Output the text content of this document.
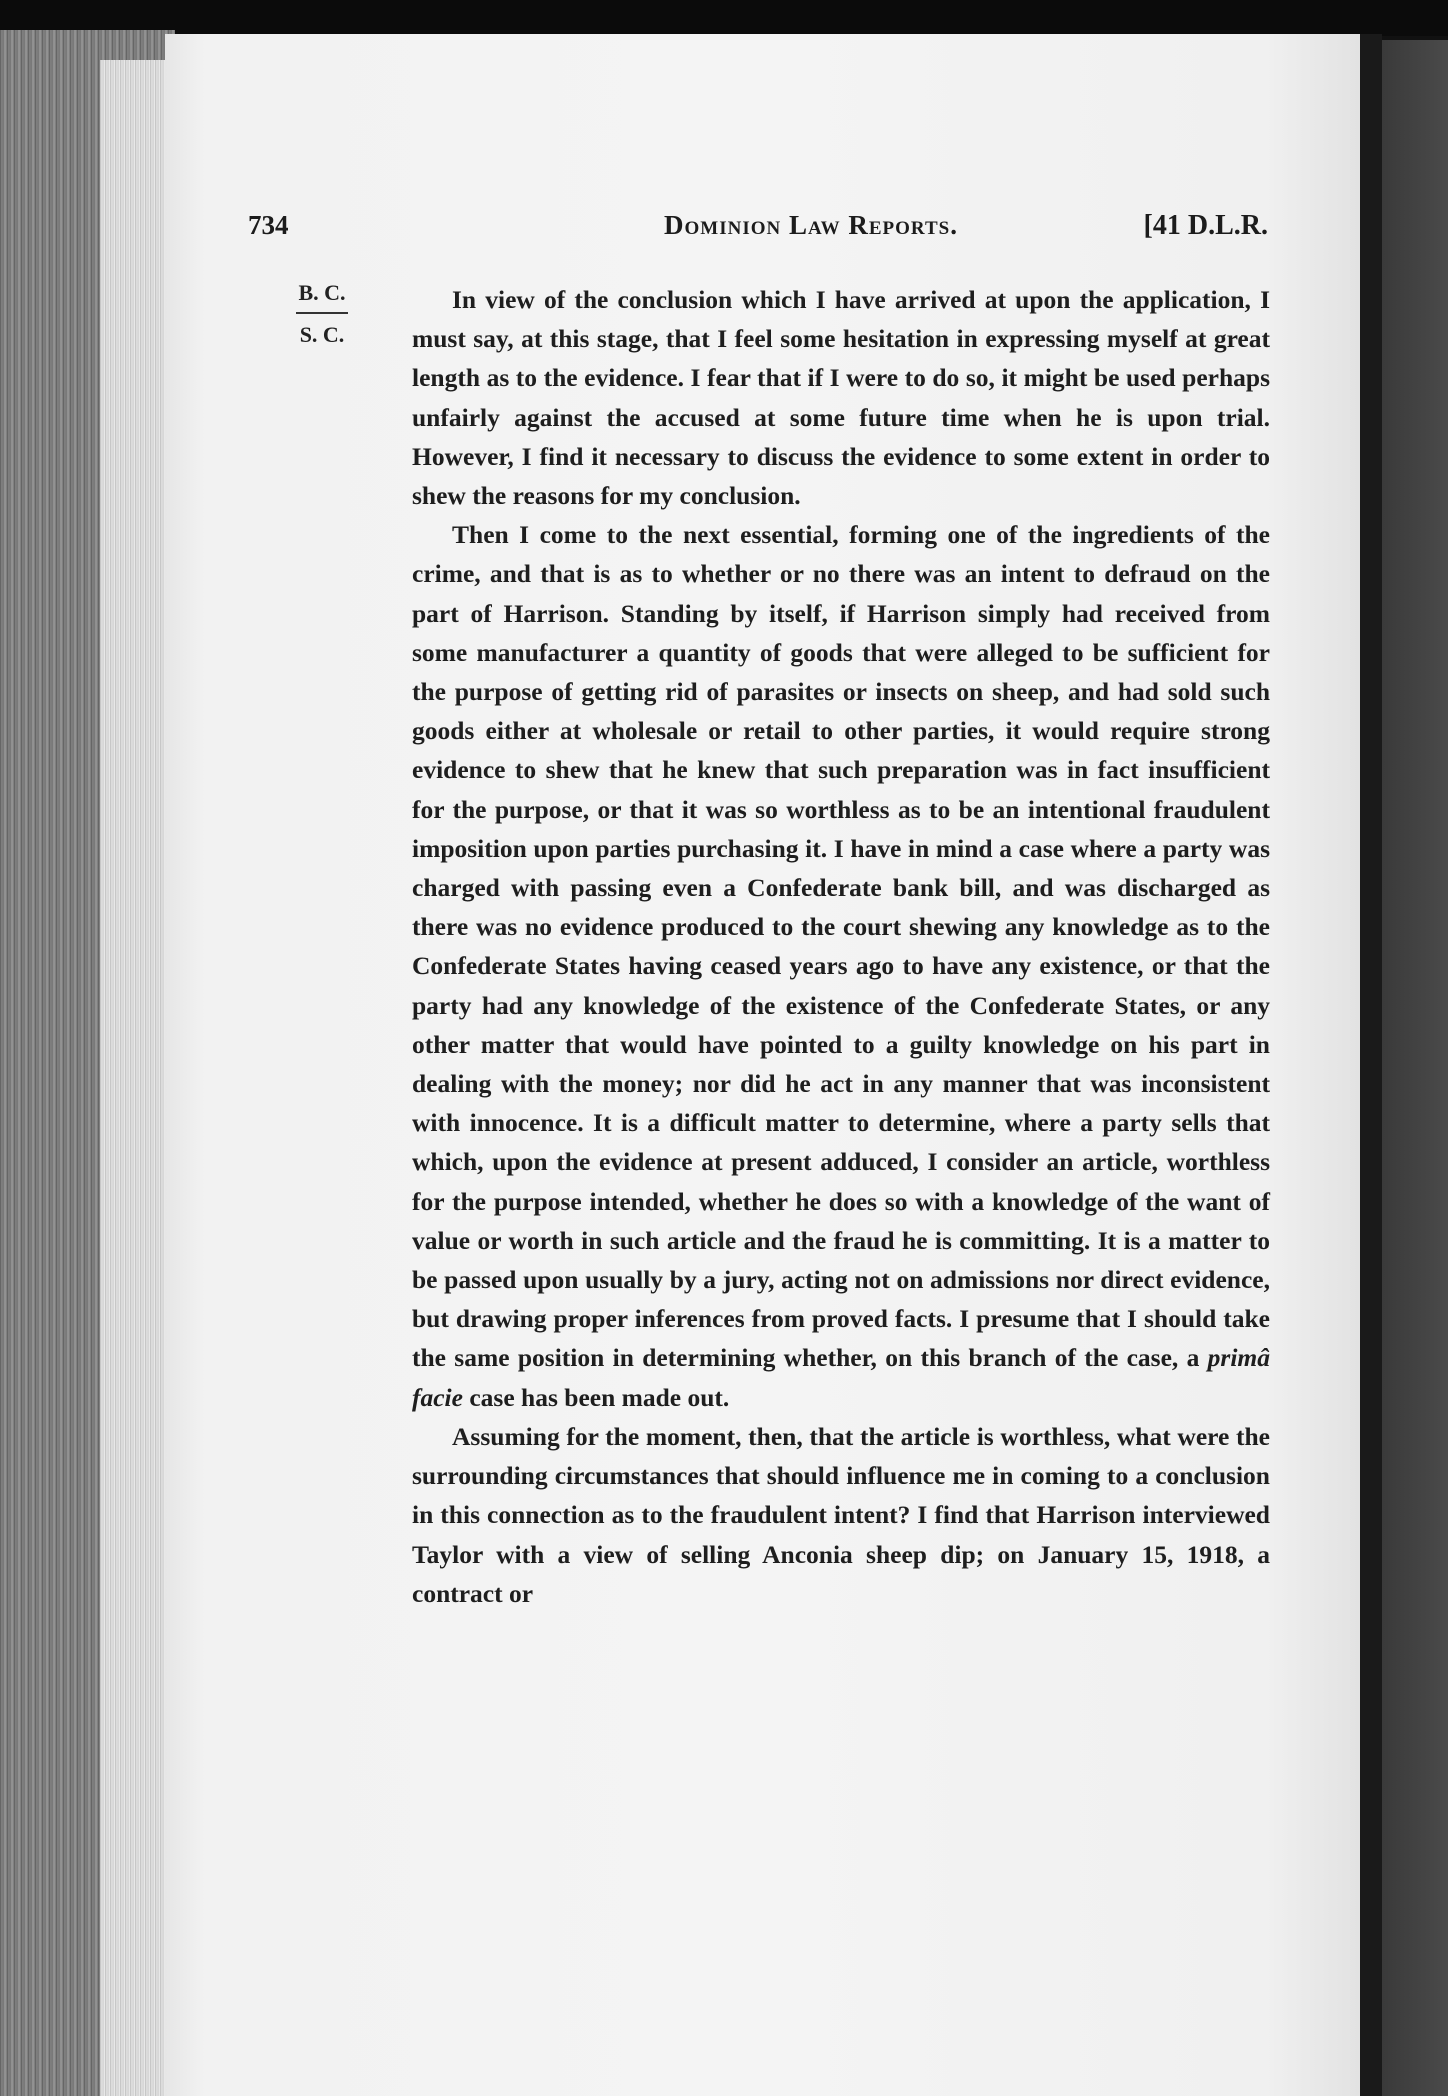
734	Dominion Law Reports.	[41 D.L.R.
B. C.
S. C.

In view of the conclusion which I have arrived at upon the application, I must say, at this stage, that I feel some hesitation in expressing myself at great length as to the evidence. I fear that if I were to do so, it might be used perhaps unfairly against the accused at some future time when he is upon trial. However, I find it necessary to discuss the evidence to some extent in order to shew the reasons for my conclusion.

Then I come to the next essential, forming one of the ingredients of the crime, and that is as to whether or no there was an intent to defraud on the part of Harrison. Standing by itself, if Harrison simply had received from some manufacturer a quantity of goods that were alleged to be sufficient for the purpose of getting rid of parasites or insects on sheep, and had sold such goods either at wholesale or retail to other parties, it would require strong evidence to shew that he knew that such preparation was in fact insufficient for the purpose, or that it was so worthless as to be an intentional fraudulent imposition upon parties purchasing it. I have in mind a case where a party was charged with passing even a Confederate bank bill, and was discharged as there was no evidence produced to the court shewing any knowledge as to the Confederate States having ceased years ago to have any existence, or that the party had any knowledge of the existence of the Confederate States, or any other matter that would have pointed to a guilty knowledge on his part in dealing with the money; nor did he act in any manner that was inconsistent with innocence. It is a difficult matter to determine, where a party sells that which, upon the evidence at present adduced, I consider an article, worthless for the purpose intended, whether he does so with a knowledge of the want of value or worth in such article and the fraud he is committing. It is a matter to be passed upon usually by a jury, acting not on admissions nor direct evidence, but drawing proper inferences from proved facts. I presume that I should take the same position in determining whether, on this branch of the case, a primâ facie case has been made out.

Assuming for the moment, then, that the article is worthless, what were the surrounding circumstances that should influence me in coming to a conclusion in this connection as to the fraudulent intent? I find that Harrison interviewed Taylor with a view of selling Anconia sheep dip; on January 15, 1918, a contract or
